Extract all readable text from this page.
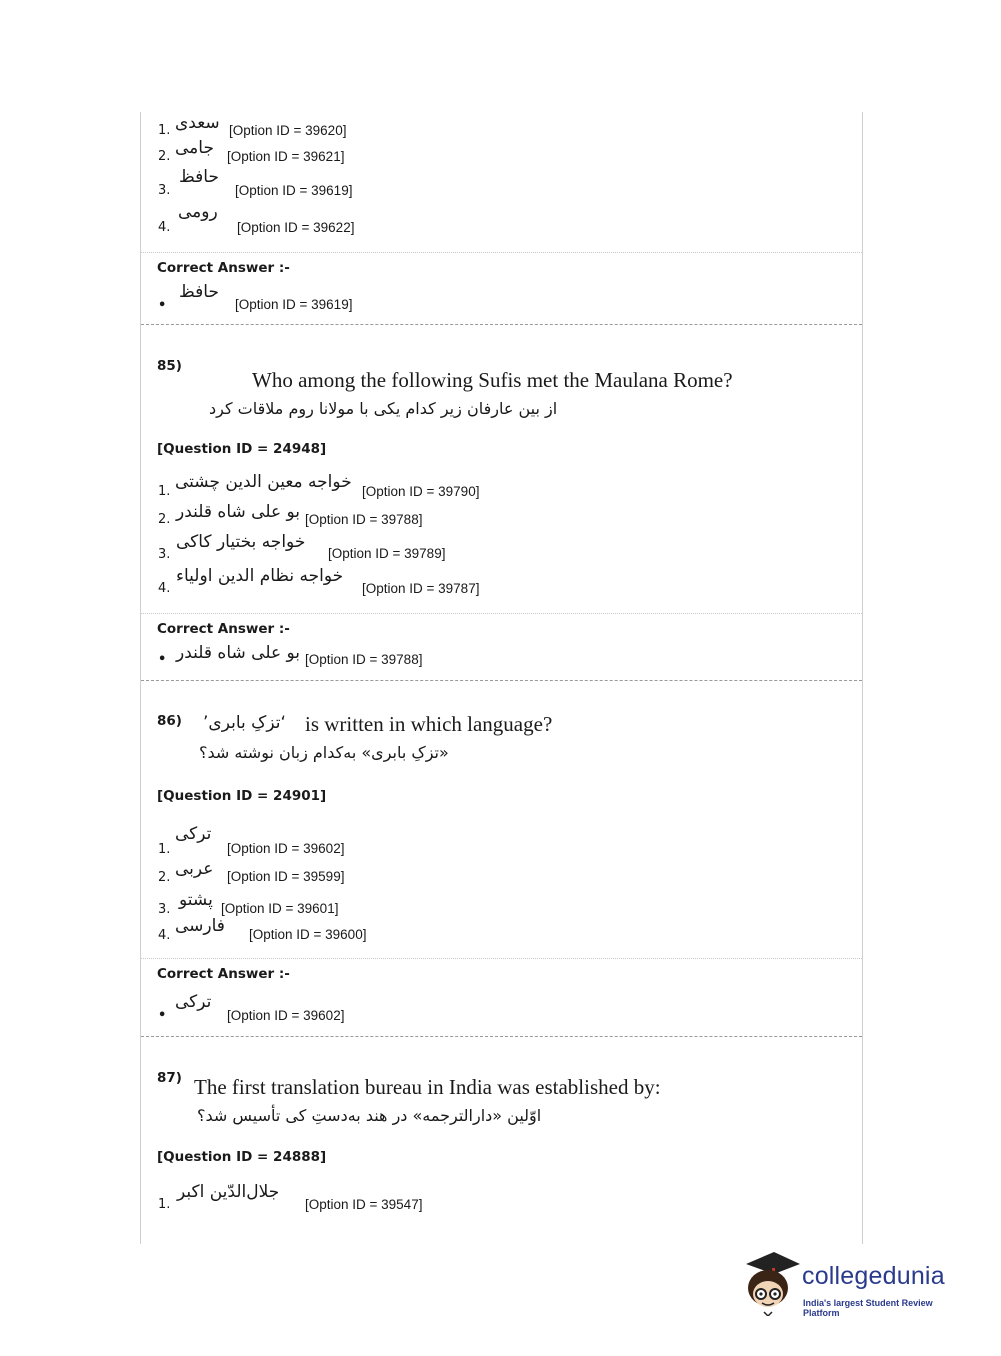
1. سعدی [Option ID = 39620]
2. جامی [Option ID = 39621]
3.
حافظ
[Option ID = 39619]
4.
رومی
[Option ID = 39622]
Correct Answer :-
•
حافظ
[Option ID = 39619]
85)
Who among the following Sufis met the Maulana Rome?
از بین عارفان زیر کدام یکی با مولانا روم ملاقات کرد
[Question ID = 24948]
1. خواجه معین الدین چشتی [Option ID = 39790]
2. بو علی شاه قلندر [Option ID = 39788]
3.
خواجه بختیار کاکی
[Option ID = 39789]
4.
خواجه نظام الدین اولیاء
[Option ID = 39787]
Correct Answer :-
• بو علی شاه قلندر [Option ID = 39788]
86) ‘تزکِ بابری’ is written in which language?
«تزکِ بابری» به‌کدام زبان نوشته شد؟
[Question ID = 24901]
1.
ترکی
[Option ID = 39602]
2. عربی [Option ID = 39599]
3. پشتو [Option ID = 39601]
4. فارسی [Option ID = 39600]
Correct Answer :-
•
ترکی
[Option ID = 39602]
87) The first translation bureau in India was established by:
اوّلین «دارالترجمه» در هند به‌دستِ کی تأسیس شد؟
[Question ID = 24888]
1.
جلال‌الدّین اکبر
[Option ID = 39547]
collegedunia
India's largest Student Review Platform
